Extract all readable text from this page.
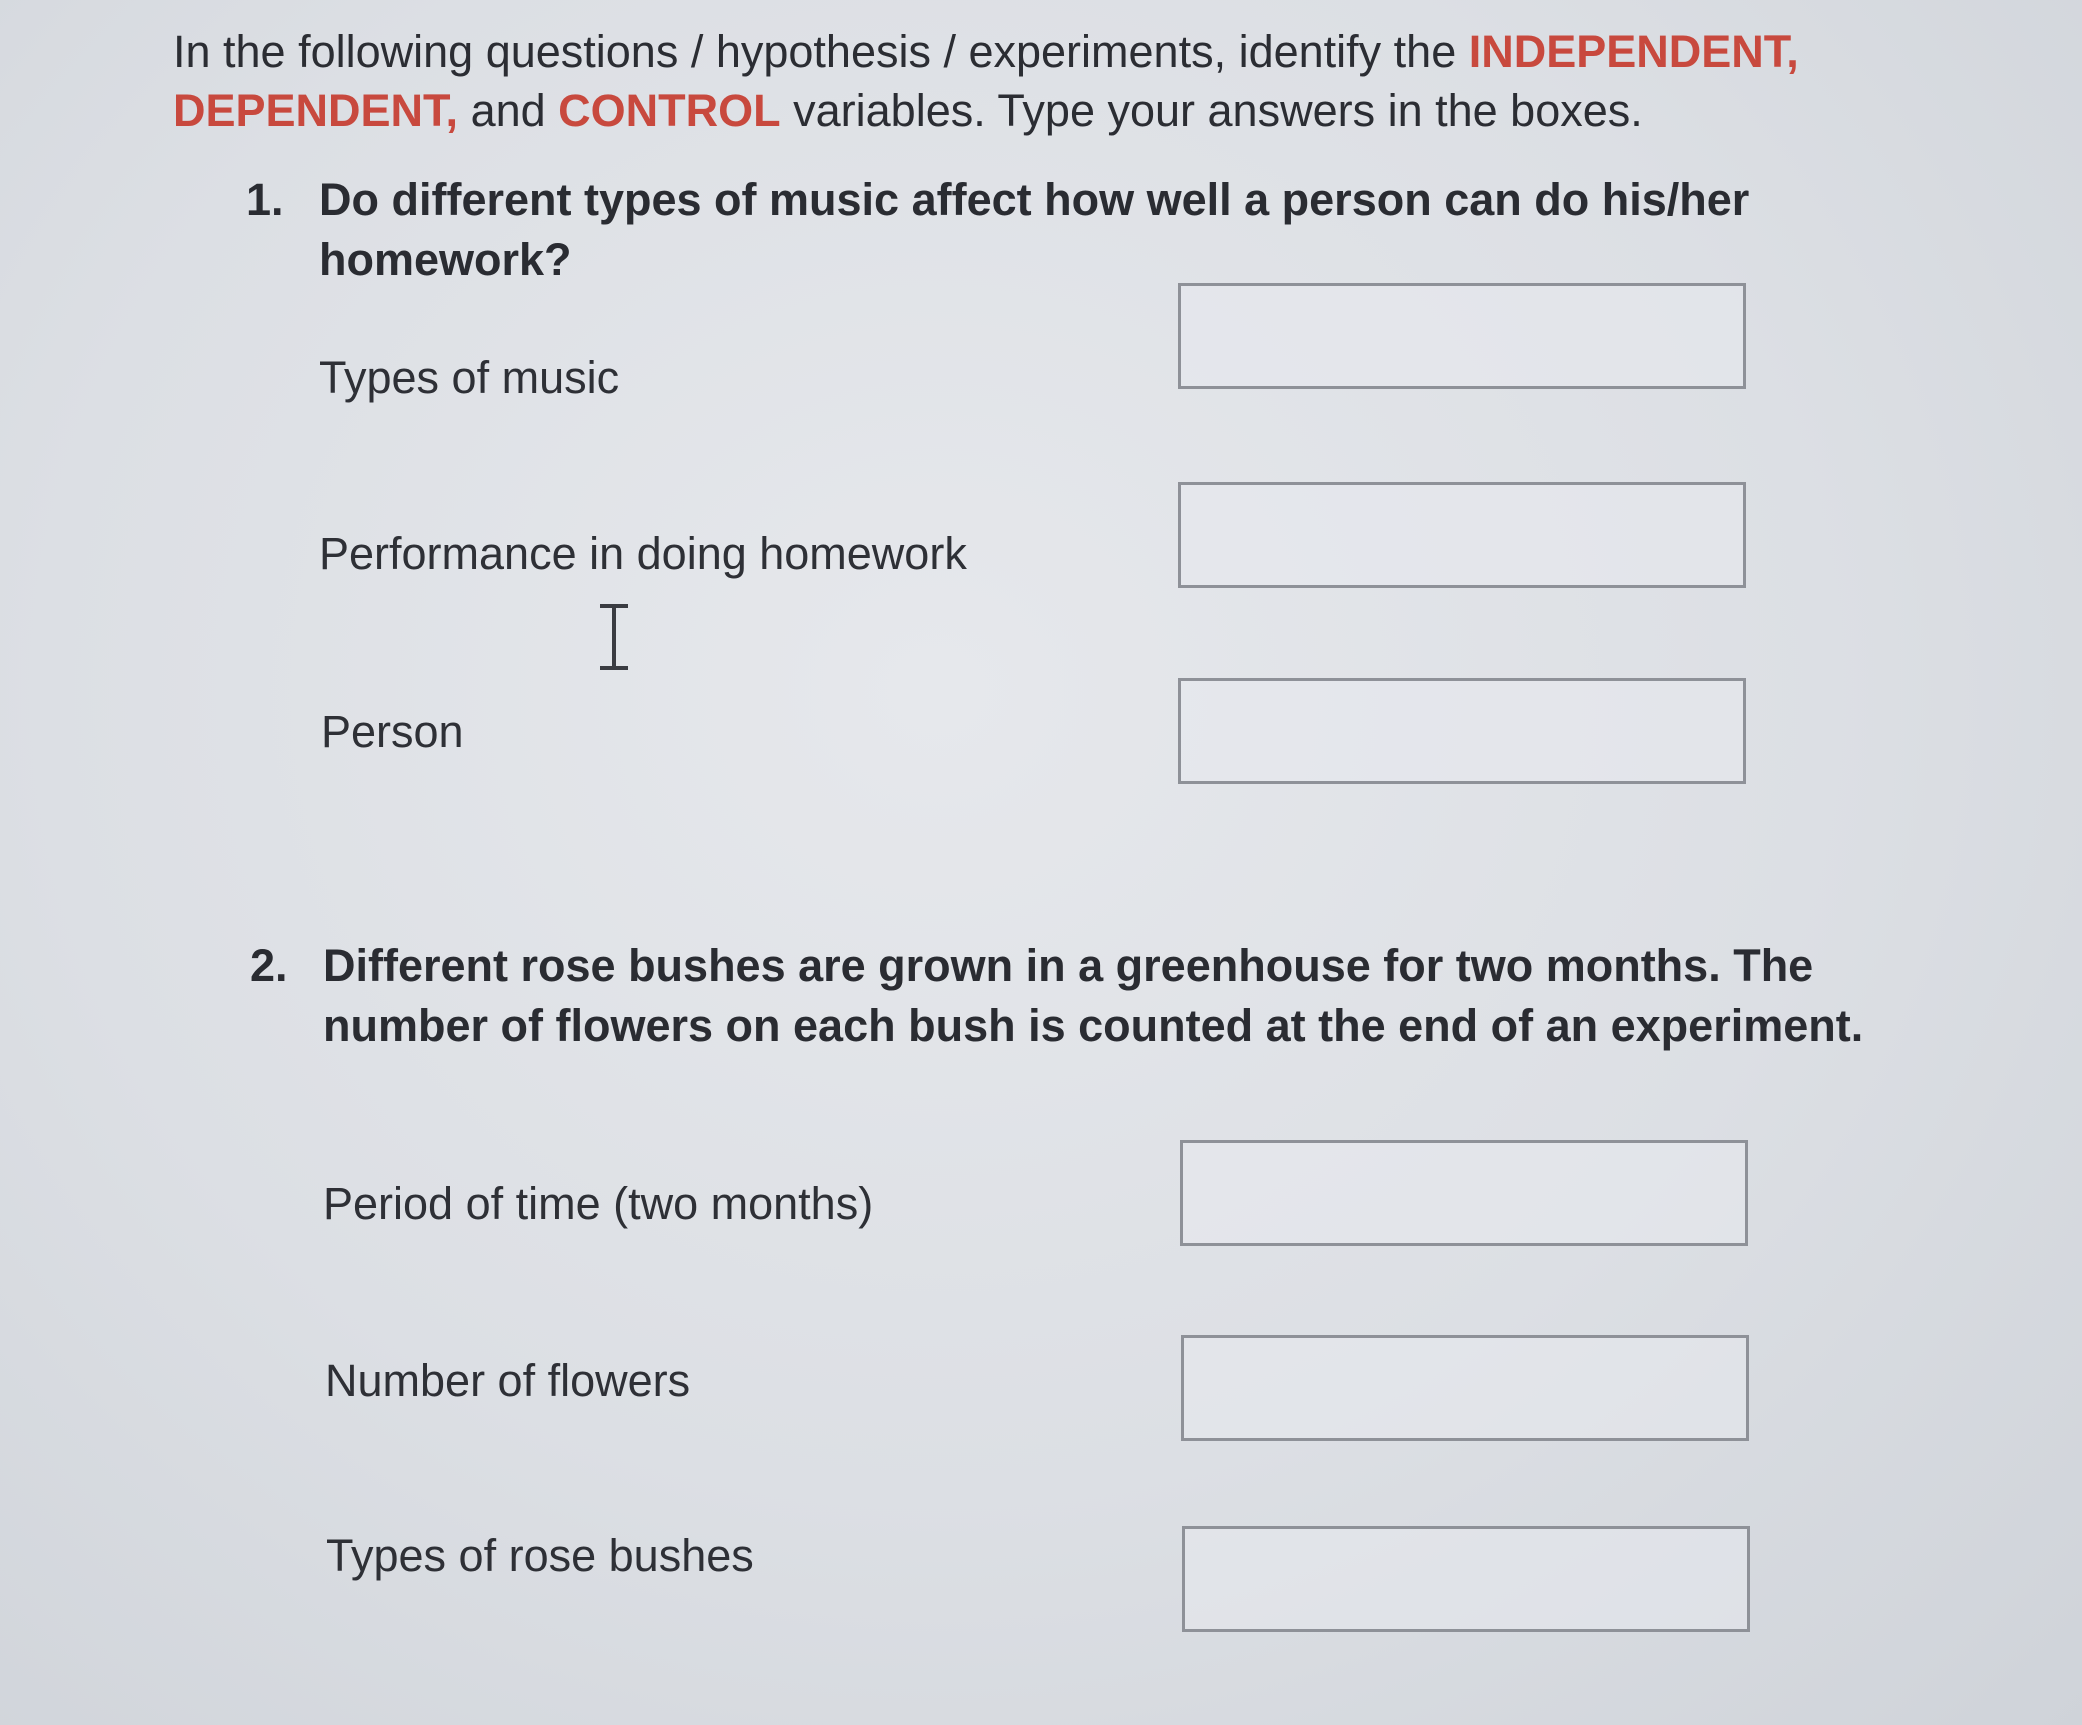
In the following questions / hypothesis / experiments, identify the INDEPENDENT,
DEPENDENT, and CONTROL variables. Type your answers in the boxes.

1. Do different types of music affect how well a person can do his/her homework?

Types of music

Performance in doing homework

Person

2. Different rose bushes are grown in a greenhouse for two months. The number of flowers on each bush is counted at the end of an experiment.

Period of time (two months)

Number of flowers

Types of rose bushes
